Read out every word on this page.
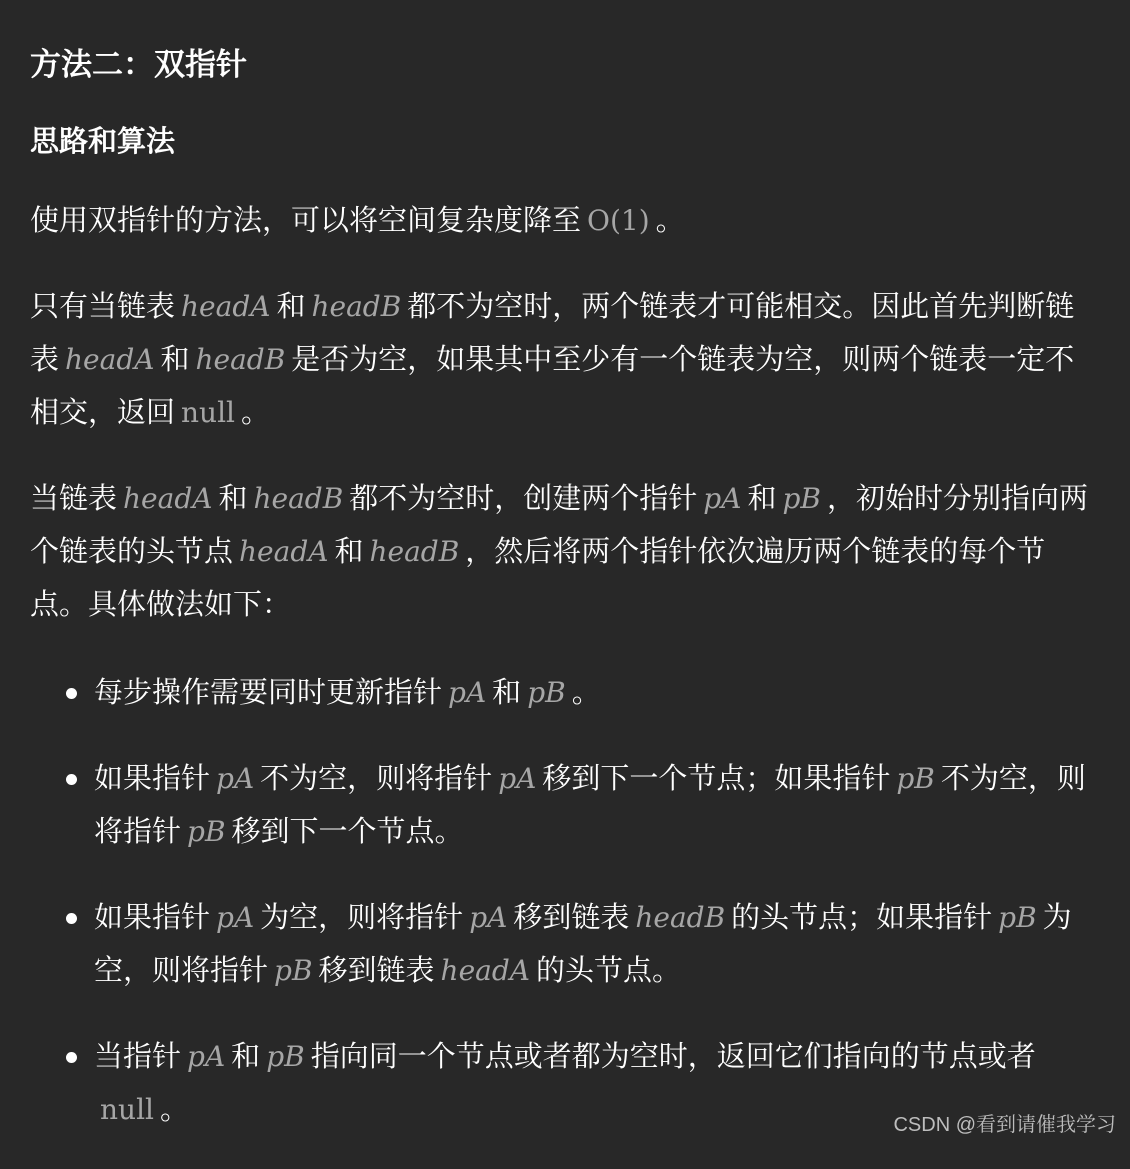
方法二：双指针
思路和算法

使用双指针的方法，可以将空间复杂度降至 O(1) 。

只有当链表 headA 和 headB 都不为空时，两个链表才可能相交。因此首先判断链表 headA 和 headB 是否为空，如果其中至少有一个链表为空，则两个链表一定不相交，返回 null 。

当链表 headA 和 headB 都不为空时，创建两个指针 pA 和 pB ，初始时分别指向两个链表的头节点 headA 和 headB ，然后将两个指针依次遍历两个链表的每个节点。具体做法如下：

每步操作需要同时更新指针 pA 和 pB 。
如果指针 pA 不为空，则将指针 pA 移到下一个节点；如果指针 pB 不为空，则将指针 pB 移到下一个节点。
如果指针 pA 为空，则将指针 pA 移到链表 headB 的头节点；如果指针 pB 为空，则将指针 pB 移到链表 headA 的头节点。
当指针 pA 和 pB 指向同一个节点或者都为空时，返回它们指向的节点或者null 。	CSDN @看到请催我学习
